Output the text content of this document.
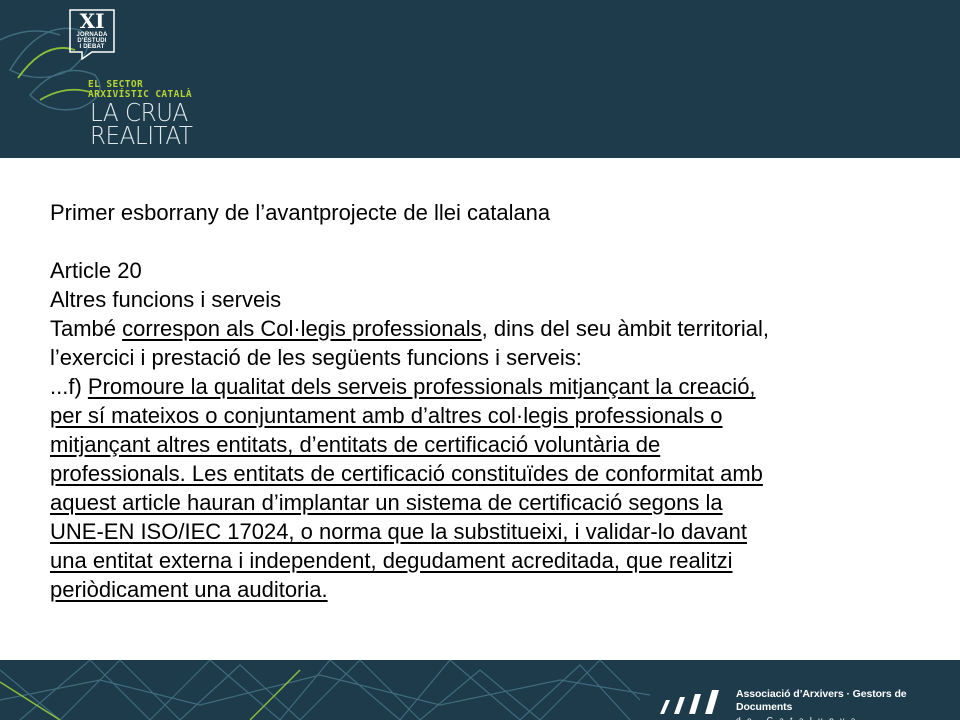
XI
JORNADA
D'ESTUDI
I DEBAT
EL SECTOR
ARXIVÍSTIC CATALÀ
LA CRUA
REALITAT

Primer esborrany de l’avantprojecte de llei catalana

Article 20

Altres funcions i serveis

També correspon als Col·legis professionals, dins del seu àmbit territorial,

l’exercici i prestació de les següents funcions i serveis:

...f) Promoure la qualitat dels serveis professionals mitjançant la creació,

per sí mateixos o conjuntament amb d’altres col·legis professionals o

mitjançant altres entitats, d’entitats de certificació voluntària de

professionals. Les entitats de certificació constituïdes de conformitat amb

aquest article hauran d’implantar un sistema de certificació segons la

UNE-EN ISO/IEC 17024, o norma que la substitueixi, i validar-lo davant

una entitat externa i independent, degudament acreditada, que realitzi

periòdicament una auditoria.

Associació d’Arxivers · Gestors de Documents
de Catalunya
